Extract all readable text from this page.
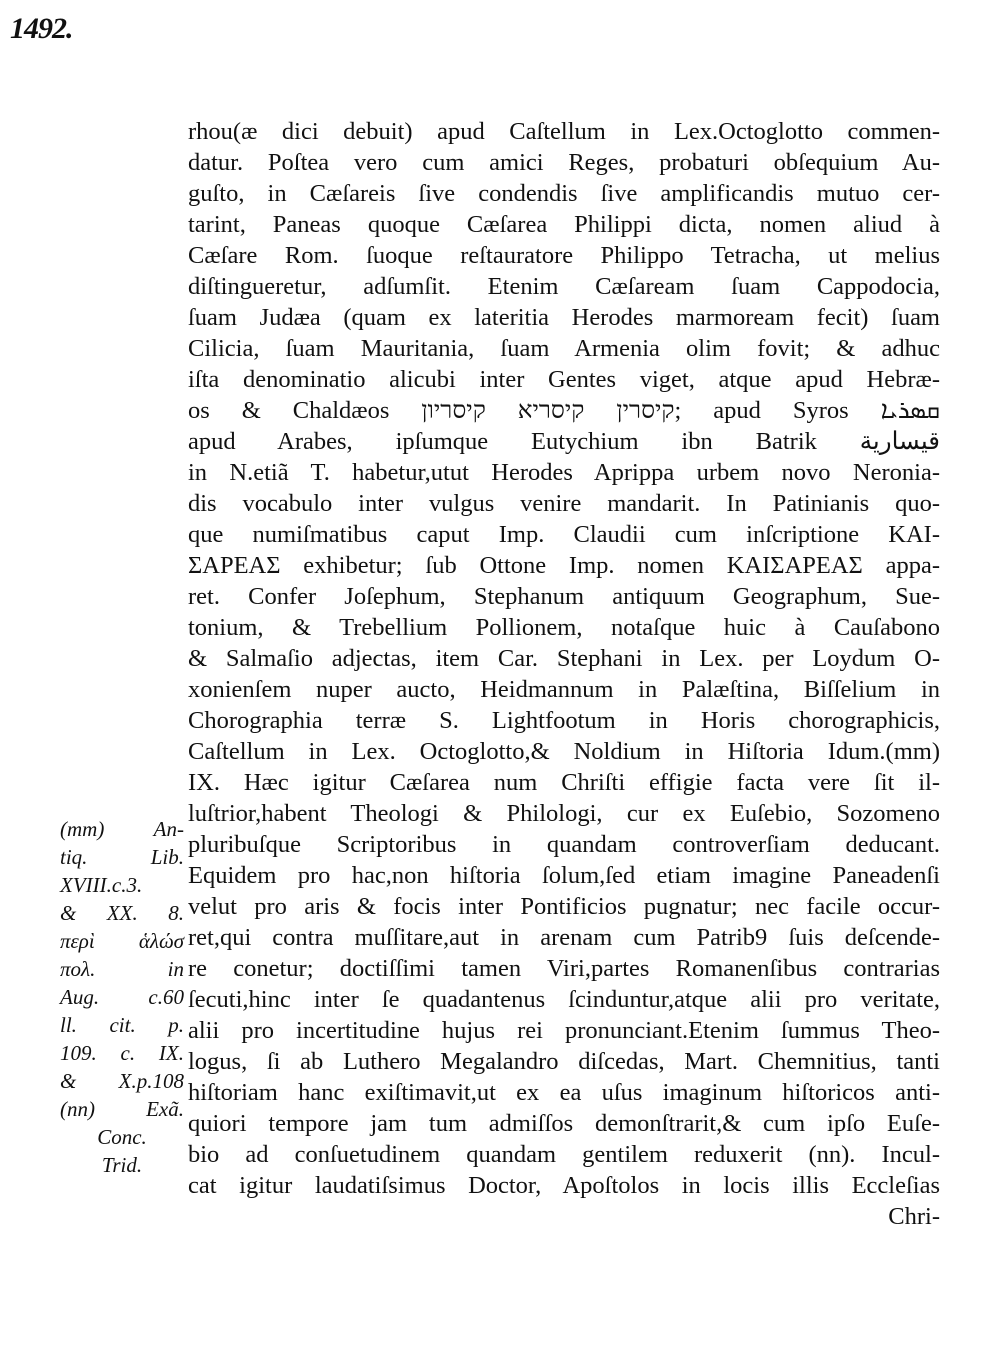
1492.
rhou(æ dici debuit) apud Caſtellum in Lex.Octoglotto commen-
datur. Poſtea vero cum amici Reges, probaturi obſequium Au-
guſto, in Cæſareis ſive condendis ſive amplificandis mutuo cer-
tarint, Paneas quoque Cæſarea Philippi dicta, nomen aliud à
Cæſare Rom. ſuoque reſtauratore Philippo Tetracha, ut melius
diſtingueretur, adſumſit. Etenim Cæſaream ſuam Cappodocia,
ſuam Judæa (quam ex lateritia Herodes marmoream fecit) ſuam
Cilicia, ſuam Mauritania, ſuam Armenia olim fovit; & adhuc
iſta denominatio alicubi inter Gentes viget, atque apud Hebræ-
os & Chaldæos קיסרין קיסריא קיסריון; apud Syros ܩܣܪܝܐ
apud Arabes, ipſumque Eutychium ibn Batrik قيسارية
in N.etiã T. habetur,utut Herodes Aprippa urbem novo Neronia-
dis vocabulo inter vulgus venire mandarit. In Patinianis quo-
que numiſmatibus caput Imp. Claudii cum inſcriptione ΚΑΙ-
ΣΑΡΕΑΣ exhibetur; ſub Ottone Imp. nomen ΚΑΙΣΑΡΕΑΣ appa-
ret. Confer Joſephum, Stephanum antiquum Geographum, Sue-
tonium, & Trebellium Pollionem, notaſque huic à Cauſabono
& Salmaſio adjectas, item Car. Stephani in Lex. per Loydum O-
xonienſem nuper aucto, Heidmannum in Palæſtina, Biſſelium in
Chorographia terræ S. Lightfootum in Horis chorographicis,
Caſtellum in Lex. Octoglotto,& Noldium in Hiſtoria Idum.(mm)
IX. Hæc igitur Cæſarea num Chriſti effigie facta vere ſit il-
luſtrior,habent Theologi & Philologi, cur ex Euſebio, Sozomeno
pluribuſque Scriptoribus in quandam controverſiam deducant.
Equidem pro hac,non hiſtoria ſolum,ſed etiam imagine Paneadenſi
velut pro aris & focis inter Pontificios pugnatur; nec facile occur-
ret,qui contra muſſitare,aut in arenam cum Patrib9 ſuis deſcende-
re conetur; doctiſſimi tamen Viri,partes Romanenſibus contrarias
ſecuti,hinc inter ſe quadantenus ſcinduntur,atque alii pro veritate,
alii pro incertitudine hujus rei pronunciant.Etenim ſummus Theo-
logus, ſi ab Luthero Megalandro diſcedas, Mart. Chemnitius, tanti
hiſtoriam hanc exiſtimavit,ut ex ea uſus imaginum hiſtoricos anti-
quiori tempore jam tum admiſſos demonſtrarit,& cum ipſo Euſe-
bio ad conſuetudinem quandam gentilem reduxerit (nn). Incul-
cat igitur laudatiſsimus Doctor, Apoſtolos in locis illis Eccleſias
Chri-
(mm) An-
tiq. Lib.
XVIII.c.3.
& XX. 8.
περὶ ἁλώσ
πολ. in
Aug. c.60
ll. cit. p.
109. c. IX.
& X.p.108
(nn) Exã.
Conc.
Trid.
